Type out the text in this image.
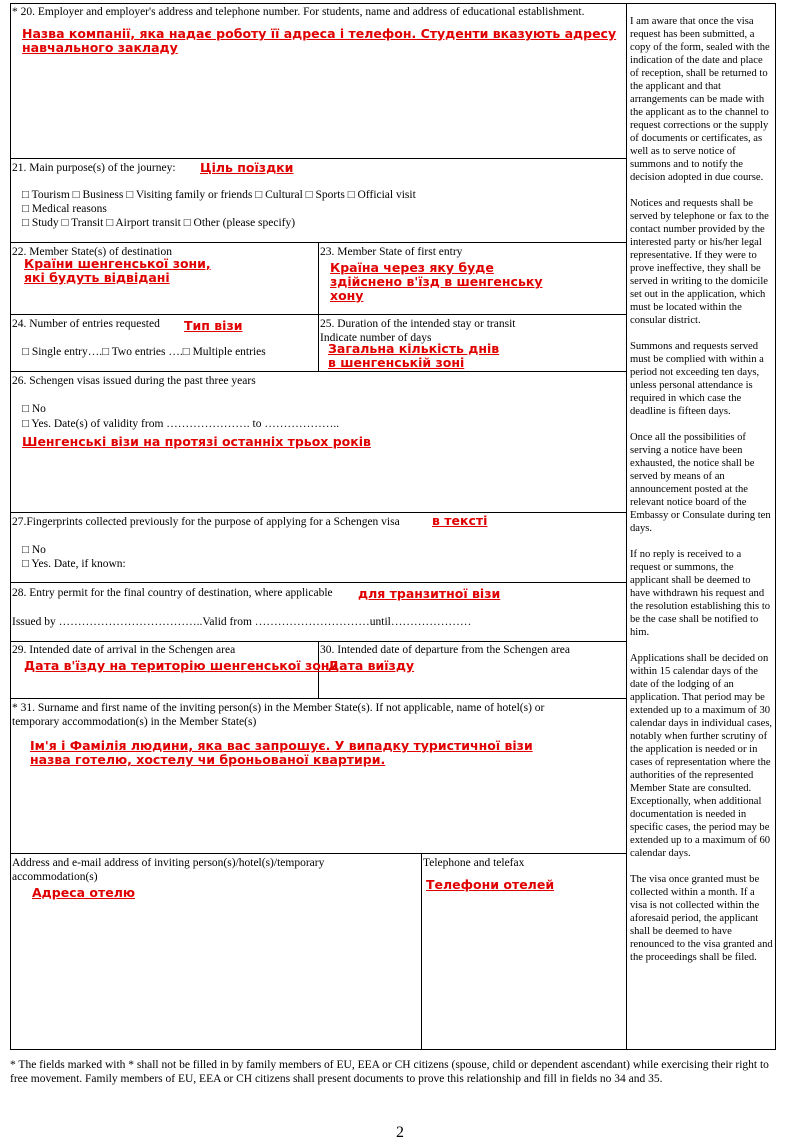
* 20. Employer and employer's address and telephone number. For students, name and address of educational establishment.
Назва компанії, яка надає роботу її адреса і телефон. Студенти вказують адресу
навчального закладу
21. Main purpose(s) of the journey: Ціль поїздки
□ Tourism □ Business □ Visiting family or friends □ Cultural □ Sports □ Official visit
□ Medical reasons
□ Study □ Transit □ Airport transit □ Other (please specify)
22. Member State(s) of destination
Країни шенгенської зони,
які будуть відвідані
23. Member State of first entry
Країна через яку буде
здійснено в'їзд в шенгенську
хону
24. Number of entries requested Тип візи
□ Single entry….□ Two entries ….□ Multiple entries
25. Duration of the intended stay or transit
Indicate number of days
Загальна кількість днів
в шенгенській зоні
26. Schengen visas issued during the past three years
□ No
□ Yes. Date(s) of validity from …………………. to ………………..
Шенгенські візи на протязі останніх трьох років
27.Fingerprints collected previously for the purpose of applying for a Schengen visa	в тексті
□ No
□ Yes. Date, if known:
28. Entry permit for the final country of destination, where applicable для транзитної візи
Issued by ………………………………..Valid from …………………………until…………………
29. Intended date of arrival in the Schengen area
Дата в'їзду на територію шенгенської зони
30. Intended date of departure from the Schengen area
Дата виїзду
* 31. Surname and first name of the inviting person(s) in the Member State(s). If not applicable, name of hotel(s) or
temporary accommodation(s) in the Member State(s)
Ім'я і Фамілія людини, яка вас запрошує. У випадку туристичної візи
назва готелю, хостелу чи броньованої квартири.
Address and e-mail address of inviting person(s)/hotel(s)/temporary
accommodation(s)
Адреса отелю
Telephone and telefax
Телефони отелей

I am aware that once the visa request has been submitted, a copy of the form, sealed with the indication of the date and place of reception, shall be returned to the applicant and that arrangements can be made with the applicant as to the channel to request corrections or the supply of documents or certificates, as well as to serve notice of summons and to notify the decision adopted in due course.

Notices and requests shall be served by telephone or fax to the contact number provided by the interested party or his/her legal representative. If they were to prove ineffective, they shall be served in writing to the domicile set out in the application, which must be located within the consular district.

Summons and requests served must be complied with within a period not exceeding ten days, unless personal attendance is required in which case the deadline is fifteen days.

Once all the possibilities of serving a notice have been exhausted, the notice shall be served by means of an announcement posted at the relevant notice board of the Embassy or Consulate during ten days.

If no reply is received to a request or summons, the applicant shall be deemed to have withdrawn his request and the resolution establishing this to be the case shall be notified to him.

Applications shall be decided on within 15 calendar days of the date of the lodging of an application. That period may be extended up to a maximum of 30 calendar days in individual cases, notably when further scrutiny of the application is needed or in cases of representation where the authorities of the represented Member State are consulted. Exceptionally, when additional documentation is needed in specific cases, the period may be extended up to a maximum of 60 calendar days.

The visa once granted must be collected within a month. If a visa is not collected within the aforesaid period, the applicant shall be deemed to have renounced to the visa granted and the proceedings shall be filed.

* The fields marked with * shall not be filled in by family members of EU, EEA or CH citizens (spouse, child or dependent ascendant) while exercising their right to free movement. Family members of EU, EEA or CH citizens shall present documents to prove this relationship and fill in fields no 34 and 35.
2
